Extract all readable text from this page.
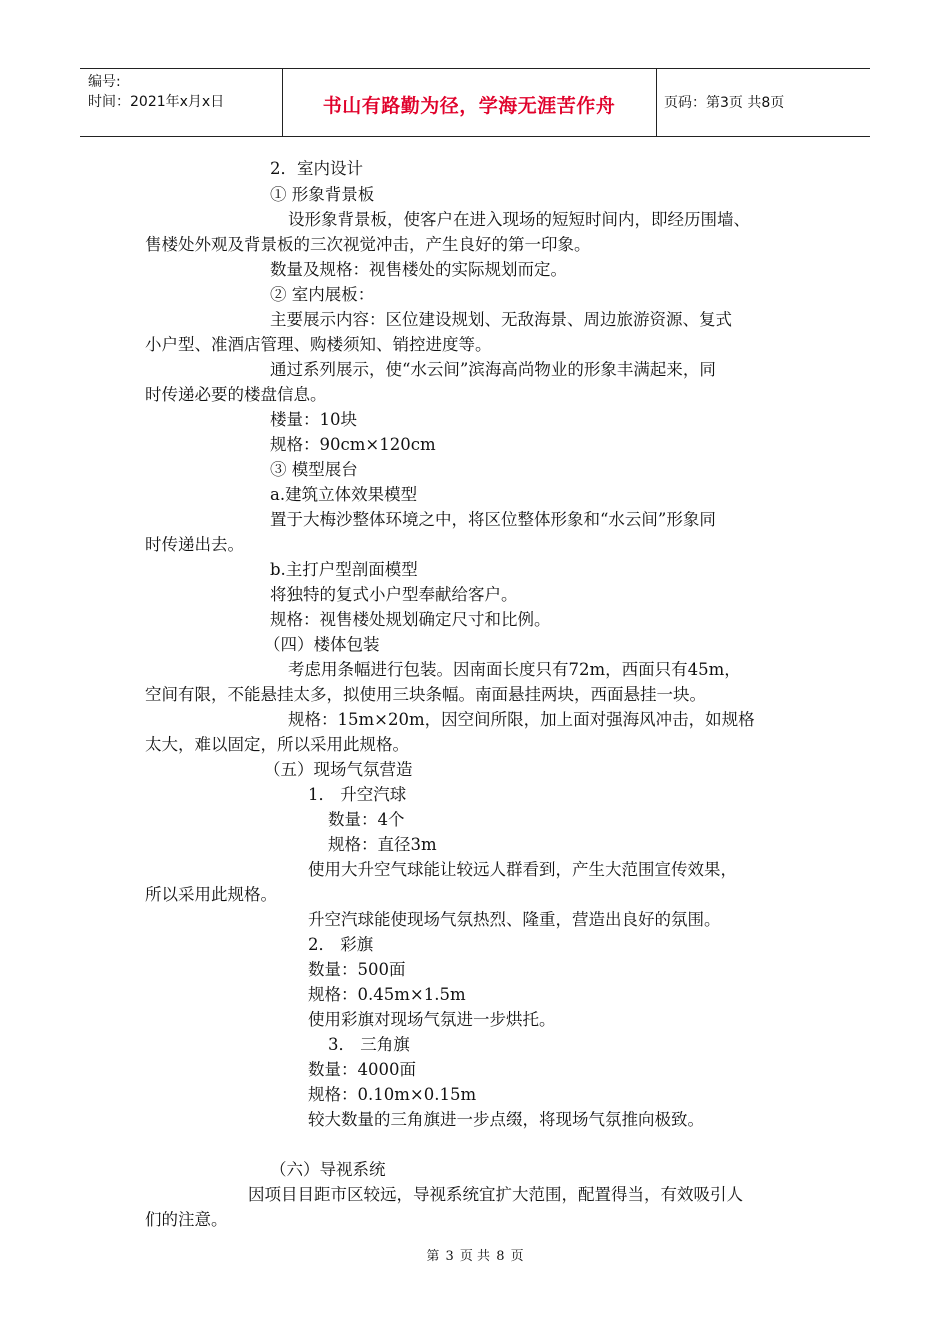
编号:
时间：2021年x月x日	书山有路勤为径，学海无涯苦作舟	页码：第3页 共8页
2．室内设计
① 形象背景板
设形象背景板，使客户在进入现场的短短时间内，即经历围墙、
售楼处外观及背景板的三次视觉冲击，产生良好的第一印象。
数量及规格：视售楼处的实际规划而定。
② 室内展板：
主要展示内容：区位建设规划、无敌海景、周边旅游资源、复式
小户型、准酒店管理、购楼须知、销控进度等。
通过系列展示，使“水云间”滨海高尚物业的形象丰满起来，同
时传递必要的楼盘信息。
楼量：10块
规格：90cm×120cm
③ 模型展台
a.建筑立体效果模型
置于大梅沙整体环境之中，将区位整体形象和“水云间”形象同
时传递出去。
b.主打户型剖面模型
将独特的复式小户型奉献给客户。
规格：视售楼处规划确定尺寸和比例。
（四）楼体包装
考虑用条幅进行包装。因南面长度只有72m，西面只有45m，
空间有限，不能悬挂太多，拟使用三块条幅。南面悬挂两块，西面悬挂一块。
规格：15m×20m，因空间所限，加上面对强海风冲击，如规格
太大，难以固定，所以采用此规格。
（五）现场气氛营造
1． 升空汽球
数量：4个
规格：直径3m
使用大升空气球能让较远人群看到，产生大范围宣传效果，
所以采用此规格。
升空汽球能使现场气氛热烈、隆重，营造出良好的氛围。
2． 彩旗
数量：500面
规格：0.45m×1.5m
使用彩旗对现场气氛进一步烘托。
3． 三角旗
数量：4000面
规格：0.10m×0.15m
较大数量的三角旗进一步点缀，将现场气氛推向极致。
（六）导视系统
因项目目距市区较远，导视系统宜扩大范围，配置得当，有效吸引人
们的注意。
第 3 页 共 8 页
